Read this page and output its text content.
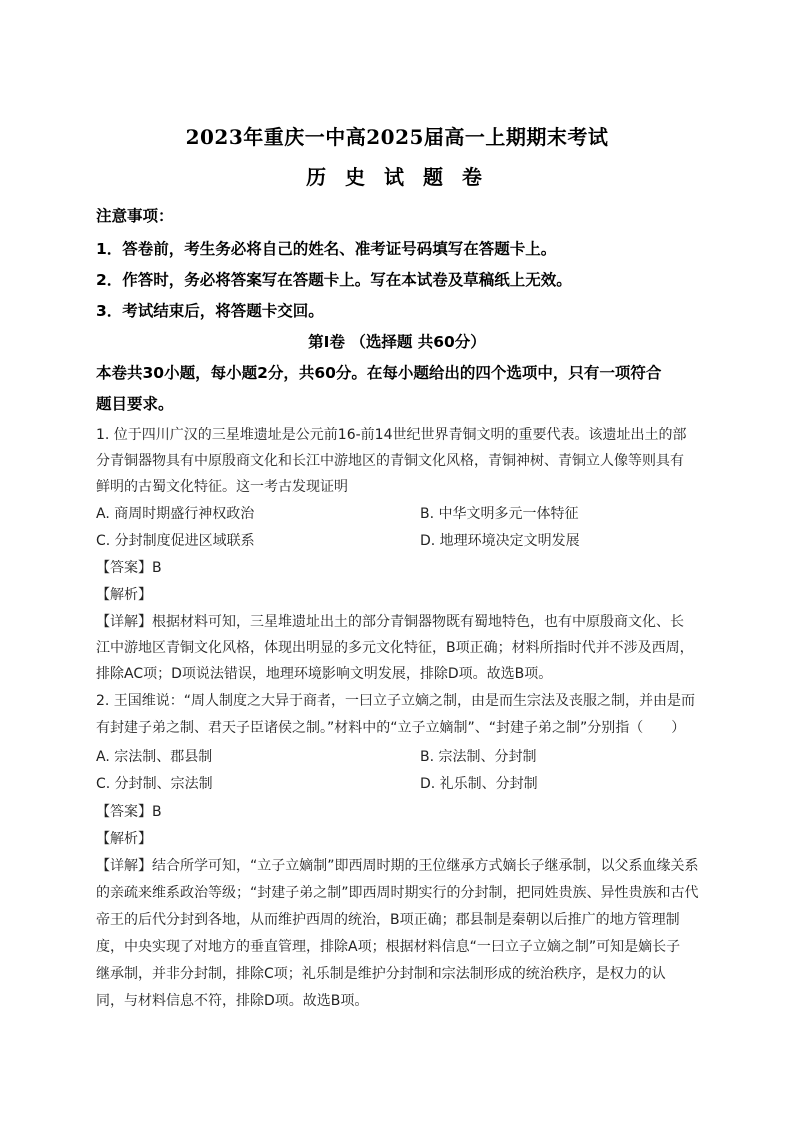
2023年重庆一中高2025届高一上期期末考试
历 史 试 题 卷
注意事项：
1．答卷前，考生务必将自己的姓名、准考证号码填写在答题卡上。
2．作答时，务必将答案写在答题卡上。写在本试卷及草稿纸上无效。
3．考试结束后，将答题卡交回。
第Ⅰ卷 （选择题 共60分）
本卷共30小题，每小题2分，共60分。在每小题给出的四个选项中，只有一项符合
题目要求。
1. 位于四川广汉的三星堆遗址是公元前16-前14世纪世界青铜文明的重要代表。该遗址出土的部
分青铜器物具有中原殷商文化和长江中游地区的青铜文化风格，青铜神树、青铜立人像等则具有
鲜明的古蜀文化特征。这一考古发现证明
A. 商周时期盛行神权政治	B. 中华文明多元一体特征
C. 分封制度促进区域联系	D. 地理环境决定文明发展
【答案】B
【解析】
【详解】根据材料可知，三星堆遗址出土的部分青铜器物既有蜀地特色，也有中原殷商文化、长
江中游地区青铜文化风格，体现出明显的多元文化特征，B项正确；材料所指时代并不涉及西周，
排除AC项；D项说法错误，地理环境影响文明发展，排除D项。故选B项。
2. 王国维说：“周人制度之大异于商者，一曰立子立嫡之制，由是而生宗法及丧服之制，并由是而
有封建子弟之制、君天子臣诸侯之制。”材料中的“立子立嫡制”、“封建子弟之制”分别指（　　）
A. 宗法制、郡县制	B. 宗法制、分封制
C. 分封制、宗法制	D. 礼乐制、分封制
【答案】B
【解析】
【详解】结合所学可知，“立子立嫡制”即西周时期的王位继承方式嫡长子继承制，以父系血缘关系
的亲疏来维系政治等级；“封建子弟之制”即西周时期实行的分封制，把同姓贵族、异性贵族和古代
帝王的后代分封到各地，从而维护西周的统治，B项正确；郡县制是秦朝以后推广的地方管理制
度，中央实现了对地方的垂直管理，排除A项；根据材料信息“一曰立子立嫡之制”可知是嫡长子
继承制，并非分封制，排除C项；礼乐制是维护分封制和宗法制形成的统治秩序，是权力的认
同，与材料信息不符，排除D项。故选B项。
